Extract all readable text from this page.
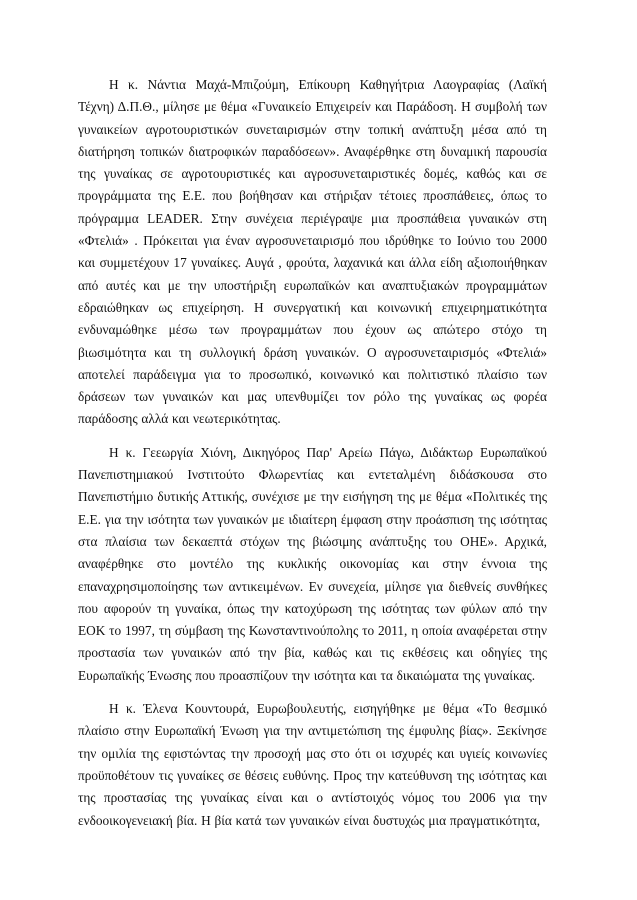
Η κ. Νάντια Μαχά-Μπιζούμη, Επίκουρη Καθηγήτρια Λαογραφίας (Λαϊκή Τέχνη) Δ.Π.Θ., μίλησε με θέμα «Γυναικείο Επιχειρείν και Παράδοση. Η συμβολή των γυναικείων αγροτουριστικών συνεταιρισμών στην τοπική ανάπτυξη μέσα από τη διατήρηση τοπικών διατροφικών παραδόσεων». Αναφέρθηκε στη δυναμική παρουσία της γυναίκας σε αγροτουριστικές και αγροσυνεταιριστικές δομές, καθώς και σε προγράμματα της Ε.Ε. που βοήθησαν και στήριξαν τέτοιες προσπάθειες, όπως το πρόγραμμα LEADER. Στην συνέχεια περιέγραψε μια προσπάθεια γυναικών στη «Φτελιά» . Πρόκειται για έναν αγροσυνεταιρισμό που ιδρύθηκε το Ιούνιο του 2000 και συμμετέχουν 17 γυναίκες. Αυγά , φρούτα, λαχανικά και άλλα είδη αξιοποιήθηκαν από αυτές και με την υποστήριξη ευρωπαϊκών και αναπτυξιακών προγραμμάτων εδραιώθηκαν ως επιχείρηση. Η συνεργατική και κοινωνική επιχειρηματικότητα ενδυναμώθηκε μέσω των προγραμμάτων που έχουν ως απώτερο στόχο τη βιωσιμότητα και τη συλλογική δράση γυναικών. Ο αγροσυνεταιρισμός «Φτελιά» αποτελεί παράδειγμα για το προσωπικό, κοινωνικό και πολιτιστικό πλαίσιο των δράσεων των γυναικών και μας υπενθυμίζει τον ρόλο της γυναίκας ως φορέα παράδοσης αλλά και νεωτερικότητας.

Η κ. Γεεωργία Χιόνη, Δικηγόρος Παρ' Αρείω Πάγω, Διδάκτωρ Ευρωπαϊκού Πανεπιστημιακού Ινστιτούτο Φλωρεντίας και εντεταλμένη διδάσκουσα στο Πανεπιστήμιο δυτικής Αττικής, συνέχισε με την εισήγηση της με θέμα «Πολιτικές της Ε.Ε. για την ισότητα των γυναικών με ιδιαίτερη έμφαση στην προάσπιση της ισότητας στα πλαίσια των δεκαεπτά στόχων της βιώσιμης ανάπτυξης του ΟΗΕ». Αρχικά, αναφέρθηκε στο μοντέλο της κυκλικής οικονομίας και στην έννοια της επαναχρησιμοποίησης των αντικειμένων. Εν συνεχεία, μίλησε για διεθνείς συνθήκες που αφορούν τη γυναίκα, όπως την κατοχύρωση της ισότητας των φύλων από την ΕΟΚ το 1997, τη σύμβαση της Κωνσταντινούπολης το 2011, η οποία αναφέρεται στην προστασία των γυναικών από την βία, καθώς και τις εκθέσεις και οδηγίες της Ευρωπαϊκής Ένωσης που προασπίζουν την ισότητα και τα δικαιώματα της γυναίκας.

Η κ. Έλενα Κουντουρά, Ευρωβουλευτής, εισηγήθηκε με θέμα «Το θεσμικό πλαίσιο στην Ευρωπαϊκή Ένωση για την αντιμετώπιση της έμφυλης βίας». Ξεκίνησε την ομιλία της εφιστώντας την προσοχή μας στο ότι οι ισχυρές και υγιείς κοινωνίες προϋποθέτουν τις γυναίκες σε θέσεις ευθύνης. Προς την κατεύθυνση της ισότητας και της προστασίας της γυναίκας είναι και ο αντίστοιχός νόμος του 2006 για την ενδοοικογενειακή βία. Η βία κατά των γυναικών είναι δυστυχώς μια πραγματικότητα,
